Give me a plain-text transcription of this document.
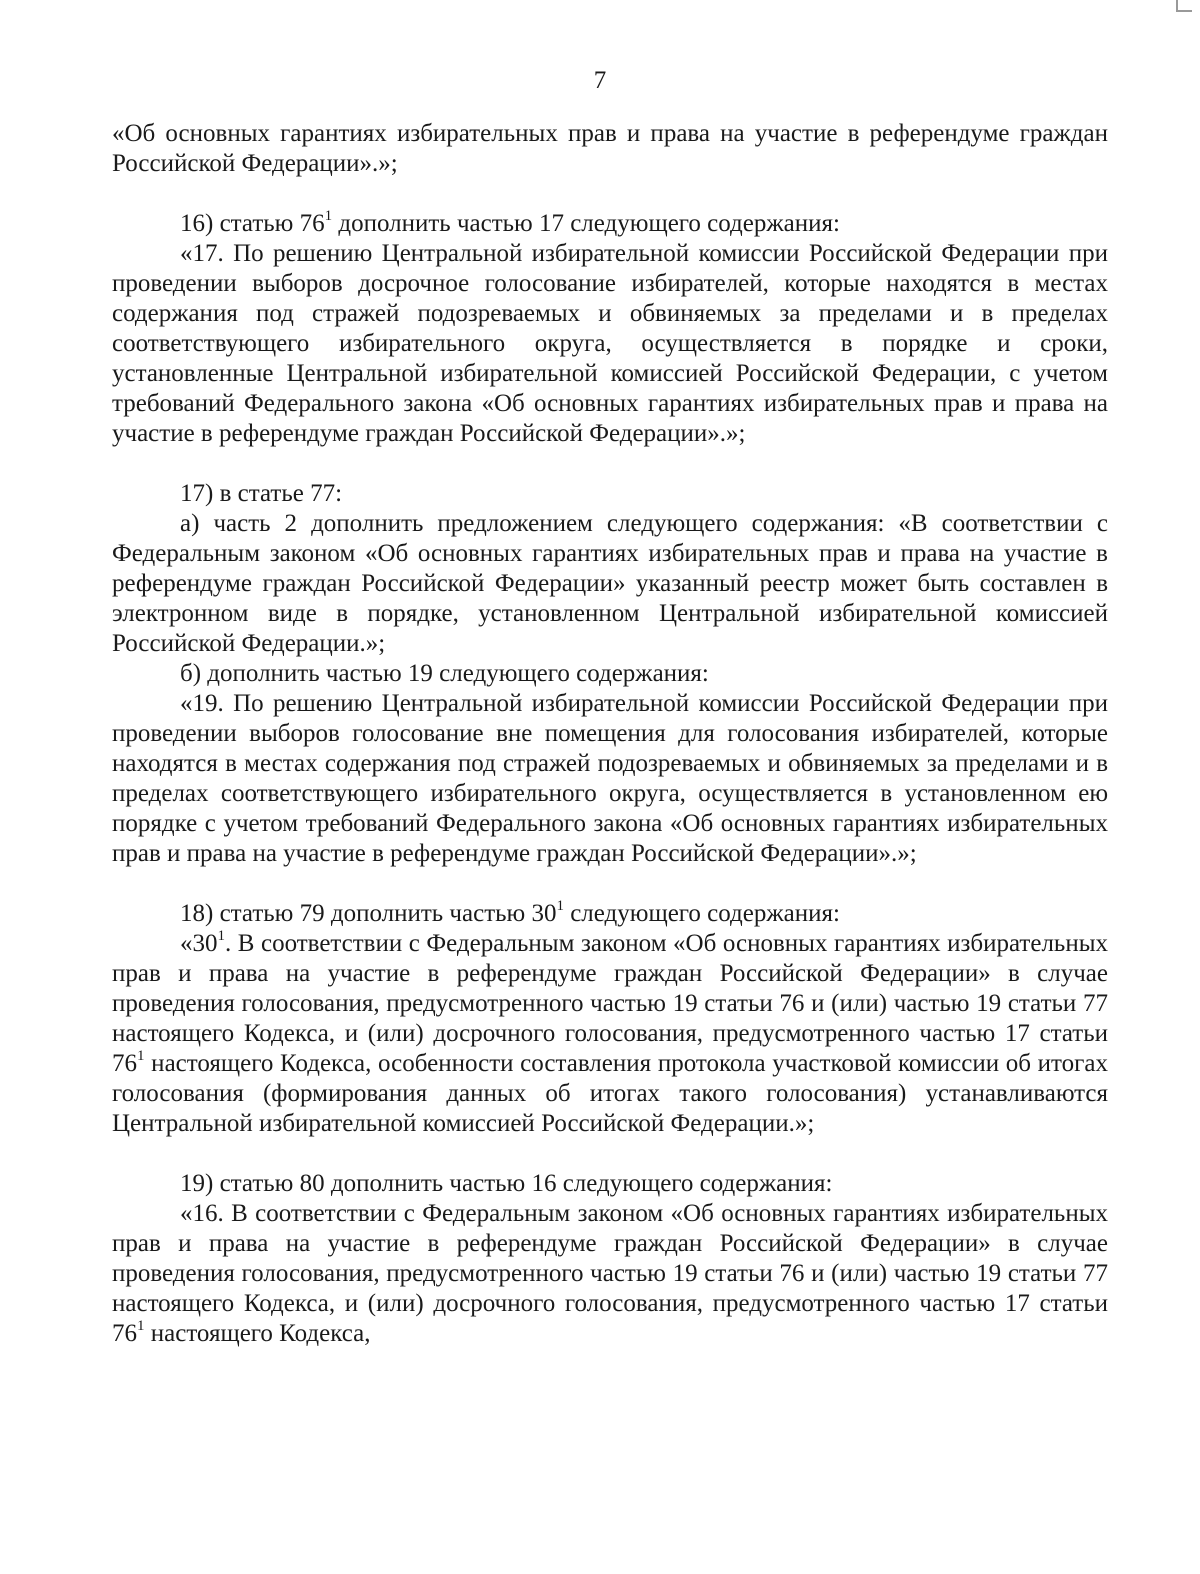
7

«Об основных гарантиях избирательных прав и права на участие в референдуме граждан Российской Федерации».»;

16) статью $76^1$ дополнить частью 17 следующего содержания:

«17. По решению Центральной избирательной комиссии Российской Федерации при проведении выборов досрочное голосование избирателей, которые находятся в местах содержания под стражей подозреваемых и обвиняемых за пределами и в пределах соответствующего избирательного округа, осуществляется в порядке и сроки, установленные Центральной избирательной комиссией Российской Федерации, с учетом требований Федерального закона «Об основных гарантиях избирательных прав и права на участие в референдуме граждан Российской Федерации».»;

17) в статье 77:

а) часть 2 дополнить предложением следующего содержания: «В соответствии с Федеральным законом «Об основных гарантиях избирательных прав и права на участие в референдуме граждан Российской Федерации» указанный реестр может быть составлен в электронном виде в порядке, установленном Центральной избирательной комиссией Российской Федерации.»;

б) дополнить частью 19 следующего содержания:

«19. По решению Центральной избирательной комиссии Российской Федерации при проведении выборов голосование вне помещения для голосования избирателей, которые находятся в местах содержания под стражей подозреваемых и обвиняемых за пределами и в пределах соответствующего избирательного округа, осуществляется в установленном ею порядке с учетом требований Федерального закона «Об основных гарантиях избирательных прав и права на участие в референдуме граждан Российской Федерации».»;

18) статью 79 дополнить частью $30^1$ следующего содержания:

«$30^1$. В соответствии с Федеральным законом «Об основных гарантиях избирательных прав и права на участие в референдуме граждан Российской Федерации» в случае проведения голосования, предусмотренного частью 19 статьи 76 и (или) частью 19 статьи 77 настоящего Кодекса, и (или) досрочного голосования, предусмотренного частью 17 статьи $76^1$ настоящего Кодекса, особенности составления протокола участковой комиссии об итогах голосования (формирования данных об итогах такого голосования) устанавливаются Центральной избирательной комиссией Российской Федерации.»;

19) статью 80 дополнить частью 16 следующего содержания:

«16. В соответствии с Федеральным законом «Об основных гарантиях избирательных прав и права на участие в референдуме граждан Российской Федерации» в случае проведения голосования, предусмотренного частью 19 статьи 76 и (или) частью 19 статьи 77 настоящего Кодекса, и (или) досрочного голосования, предусмотренного частью 17 статьи $76^1$ настоящего Кодекса,
